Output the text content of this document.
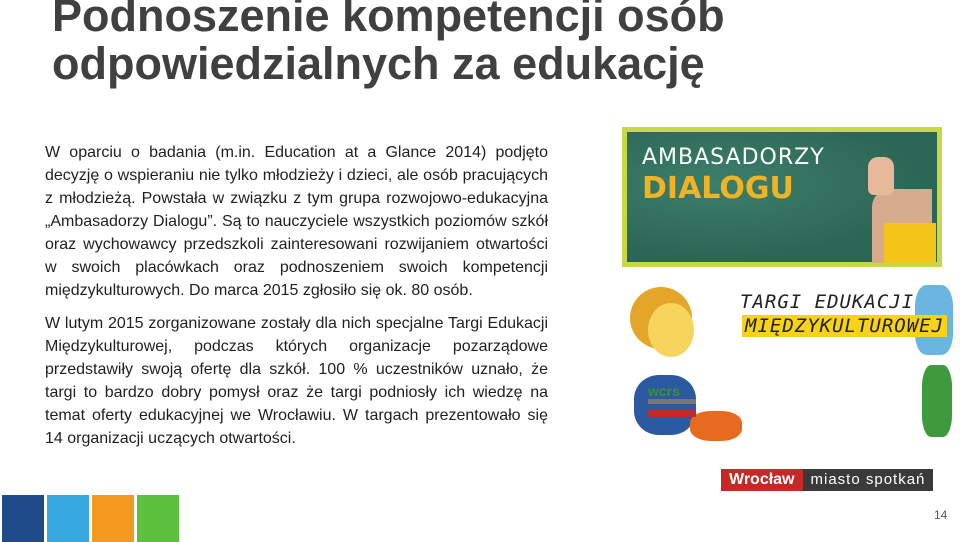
Podnoszenie kompetencji osób odpowiedzialnych za edukację
W oparciu o badania (m.in. Education at a Glance 2014) podjęto decyzję o wspieraniu nie tylko młodzieży i dzieci, ale osób pracujących z młodzieżą. Powstała w związku z tym grupa rozwojowo-edukacyjna „Ambasadorzy Dialogu”. Są to nauczyciele wszystkich poziomów szkół oraz wychowawcy przedszkoli zainteresowani rozwijaniem otwartości w swoich placówkach oraz podnoszeniem swoich kompetencji międzykulturowych. Do marca 2015 zgłosiło się ok. 80 osób.
W lutym 2015 zorganizowane zostały dla nich specjalne Targi Edukacji Międzykulturowej, podczas których organizacje pozarządowe przedstawiły swoją ofertę dla szkół. 100 % uczestników uznało, że targi to bardzo dobry pomysł oraz że targi podniosły ich wiedzę na temat oferty edukacyjnej we Wrocławiu. W targach prezentowało się 14 organizacji uczących otwartości.
AMBASADORZY
DIALOGU
TARGI EDUKACJI
MIĘDZYKULTUROWEJ
wcrs
Wrocław	miasto spotkań
14
